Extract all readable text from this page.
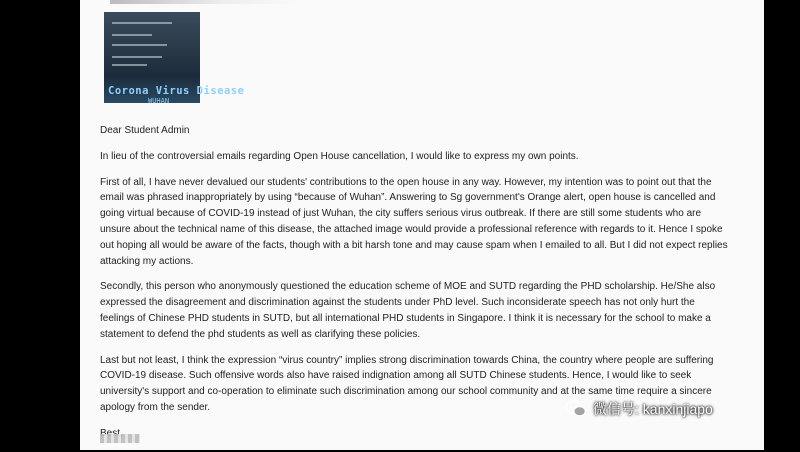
Corona Virus Disease
WUHAN

Dear Student Admin

In lieu of the controversial emails regarding Open House cancellation, I would like to express my own points.

First of all, I have never devalued our students' contributions to the open house in any way. However, my intention was to point out that the email was phrased inappropriately by using “because of Wuhan”. Answering to Sg government's Orange alert, open house is cancelled and going virtual because of COVID-19 instead of just Wuhan, the city suffers serious virus outbreak. If there are still some students who are unsure about the technical name of this disease, the attached image would provide a professional reference with regards to it. Hence I spoke out hoping all would be aware of the facts, though with a bit harsh tone and may cause spam when I emailed to all. But I did not expect replies attacking my actions.

Secondly, this person who anonymously questioned the education scheme of MOE and SUTD regarding the PHD scholarship. He/She also expressed the disagreement and discrimination against the students under PhD level. Such inconsiderate speech has not only hurt the feelings of Chinese PHD students in SUTD, but all international PHD students in Singapore. I think it is necessary for the school to make a statement to defend the phd students as well as clarifying these policies.

Last but not least, I think the expression “virus country” implies strong discrimination towards China, the country where people are suffering COVID-19 disease. Such offensive words also have raised indignation among all SUTD Chinese students. Hence, I would like to seek university's support and co-operation to eliminate such discrimination among our school community and at the same time require a sincere apology from the sender.	微信号: kanxinjiapo
